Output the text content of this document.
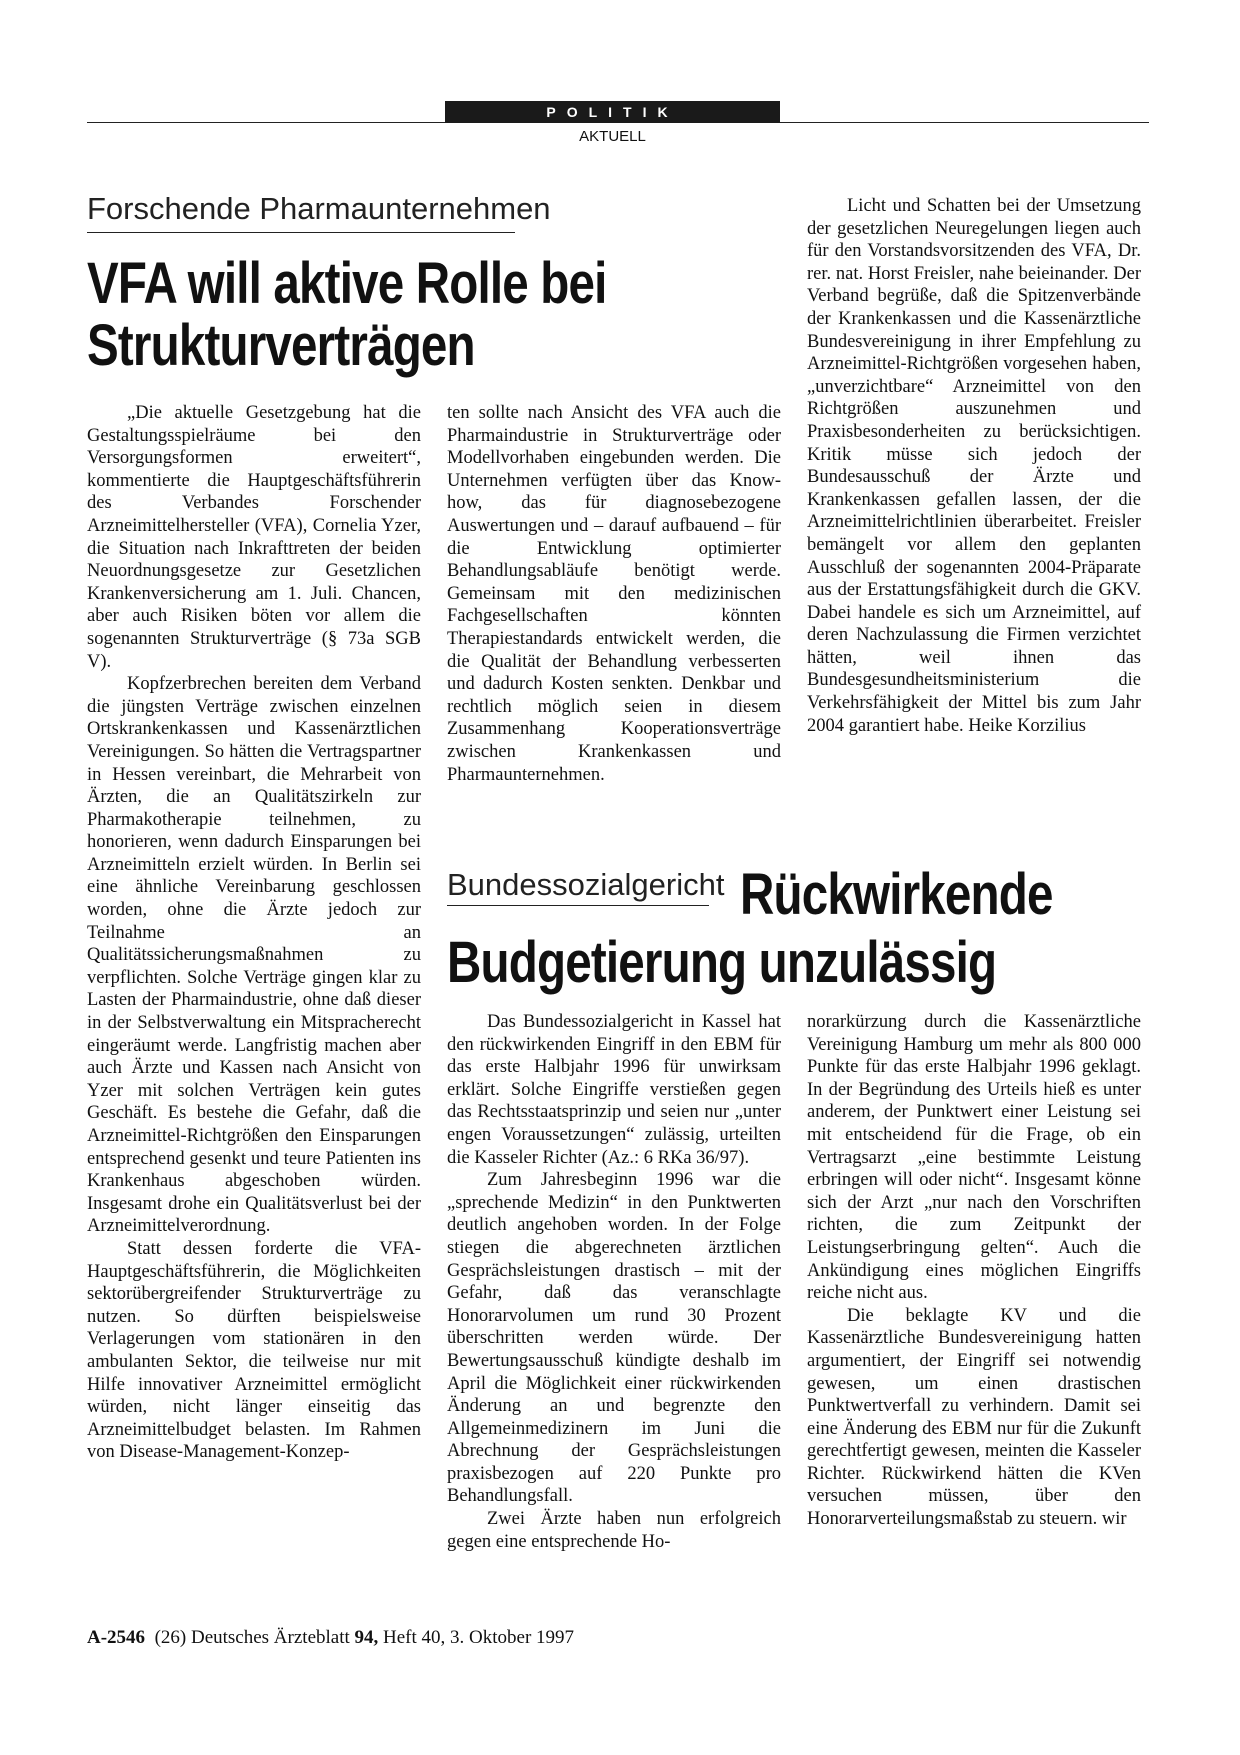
POLITIK
AKTUELL
Forschende Pharmaunternehmen
VFA will aktive Rolle bei
Strukturverträgen

„Die aktuelle Gesetzgebung hat die Gestaltungsspielräume bei den Versorgungsformen erweitert“, kommentierte die Hauptgeschäftsführerin des Verbandes Forschender Arzneimittelhersteller (VFA), Cornelia Yzer, die Situation nach Inkrafttreten der beiden Neuordnungsgesetze zur Gesetzlichen Krankenversicherung am 1. Juli. Chancen, aber auch Risiken böten vor allem die sogenannten Strukturverträge (§ 73a SGB V).

Kopfzerbrechen bereiten dem Verband die jüngsten Verträge zwischen einzelnen Ortskrankenkassen und Kassenärztlichen Vereinigungen. So hätten die Vertragspartner in Hessen vereinbart, die Mehrarbeit von Ärzten, die an Qualitätszirkeln zur Pharmakotherapie teilnehmen, zu honorieren, wenn dadurch Einsparungen bei Arzneimitteln erzielt würden. In Berlin sei eine ähnliche Vereinbarung geschlossen worden, ohne die Ärzte jedoch zur Teilnahme an Qualitätssicherungsmaßnahmen zu verpflichten. Solche Verträge gingen klar zu Lasten der Pharmaindustrie, ohne daß dieser in der Selbstverwaltung ein Mitspracherecht eingeräumt werde. Langfristig machen aber auch Ärzte und Kassen nach Ansicht von Yzer mit solchen Verträgen kein gutes Geschäft. Es bestehe die Gefahr, daß die Arzneimittel-Richtgrößen den Einsparungen entsprechend gesenkt und teure Patienten ins Krankenhaus abgeschoben würden. Insgesamt drohe ein Qualitätsverlust bei der Arzneimittelverordnung.

Statt dessen forderte die VFA-Hauptgeschäftsführerin, die Möglichkeiten sektorübergreifender Strukturverträge zu nutzen. So dürften beispielsweise Verlagerungen vom stationären in den ambulanten Sektor, die teilweise nur mit Hilfe innovativer Arzneimittel ermöglicht würden, nicht länger einseitig das Arzneimittelbudget belasten. Im Rahmen von Disease-Management-Konzep-

ten sollte nach Ansicht des VFA auch die Pharmaindustrie in Strukturverträge oder Modellvorhaben eingebunden werden. Die Unternehmen verfügten über das Know-how, das für diagnosebezogene Auswertungen und – darauf aufbauend – für die Entwicklung optimierter Behandlungsabläufe benötigt werde. Gemeinsam mit den medizinischen Fachgesellschaften könnten Therapiestandards entwickelt werden, die die Qualität der Behandlung verbesserten und dadurch Kosten senkten. Denkbar und rechtlich möglich seien in diesem Zusammenhang Kooperationsverträge zwischen Krankenkassen und Pharmaunternehmen.

Licht und Schatten bei der Umsetzung der gesetzlichen Neuregelungen liegen auch für den Vorstandsvorsitzenden des VFA, Dr. rer. nat. Horst Freisler, nahe beieinander. Der Verband begrüße, daß die Spitzenverbände der Krankenkassen und die Kassenärztliche Bundesvereinigung in ihrer Empfehlung zu Arzneimittel-Richtgrößen vorgesehen haben, „unverzichtbare“ Arzneimittel von den Richtgrößen auszunehmen und Praxisbesonderheiten zu berücksichtigen. Kritik müsse sich jedoch der Bundesausschuß der Ärzte und Krankenkassen gefallen lassen, der die Arzneimittelrichtlinien überarbeitet. Freisler bemängelt vor allem den geplanten Ausschluß der sogenannten 2004-Präparate aus der Erstattungsfähigkeit durch die GKV. Dabei handele es sich um Arzneimittel, auf deren Nachzulassung die Firmen verzichtet hätten, weil ihnen das Bundesgesundheitsministerium die Verkehrsfähigkeit der Mittel bis zum Jahr 2004 garantiert habe. Heike Korzilius

Bundessozialgericht Rückwirkende
Budgetierung unzulässig

Das Bundessozialgericht in Kassel hat den rückwirkenden Eingriff in den EBM für das erste Halbjahr 1996 für unwirksam erklärt. Solche Eingriffe verstießen gegen das Rechtsstaatsprinzip und seien nur „unter engen Voraussetzungen“ zulässig, urteilten die Kasseler Richter (Az.: 6 RKa 36/97).

Zum Jahresbeginn 1996 war die „sprechende Medizin“ in den Punktwerten deutlich angehoben worden. In der Folge stiegen die abgerechneten ärztlichen Gesprächsleistungen drastisch – mit der Gefahr, daß das veranschlagte Honorarvolumen um rund 30 Prozent überschritten werden würde. Der Bewertungsausschuß kündigte deshalb im April die Möglichkeit einer rückwirkenden Änderung an und begrenzte den Allgemeinmedizinern im Juni die Abrechnung der Gesprächsleistungen praxisbezogen auf 220 Punkte pro Behandlungsfall.

Zwei Ärzte haben nun erfolgreich gegen eine entsprechende Ho-

norarkürzung durch die Kassenärztliche Vereinigung Hamburg um mehr als 800 000 Punkte für das erste Halbjahr 1996 geklagt. In der Begründung des Urteils hieß es unter anderem, der Punktwert einer Leistung sei mit entscheidend für die Frage, ob ein Vertragsarzt „eine bestimmte Leistung erbringen will oder nicht“. Insgesamt könne sich der Arzt „nur nach den Vorschriften richten, die zum Zeitpunkt der Leistungserbringung gelten“. Auch die Ankündigung eines möglichen Eingriffs reiche nicht aus.

Die beklagte KV und die Kassenärztliche Bundesvereinigung hatten argumentiert, der Eingriff sei notwendig gewesen, um einen drastischen Punktwertverfall zu verhindern. Damit sei eine Änderung des EBM nur für die Zukunft gerechtfertigt gewesen, meinten die Kasseler Richter. Rückwirkend hätten die KVen versuchen müssen, über den Honorarverteilungsmaßstab zu steuern. wir

A-2546 (26) Deutsches Ärzteblatt 94, Heft 40, 3. Oktober 1997
